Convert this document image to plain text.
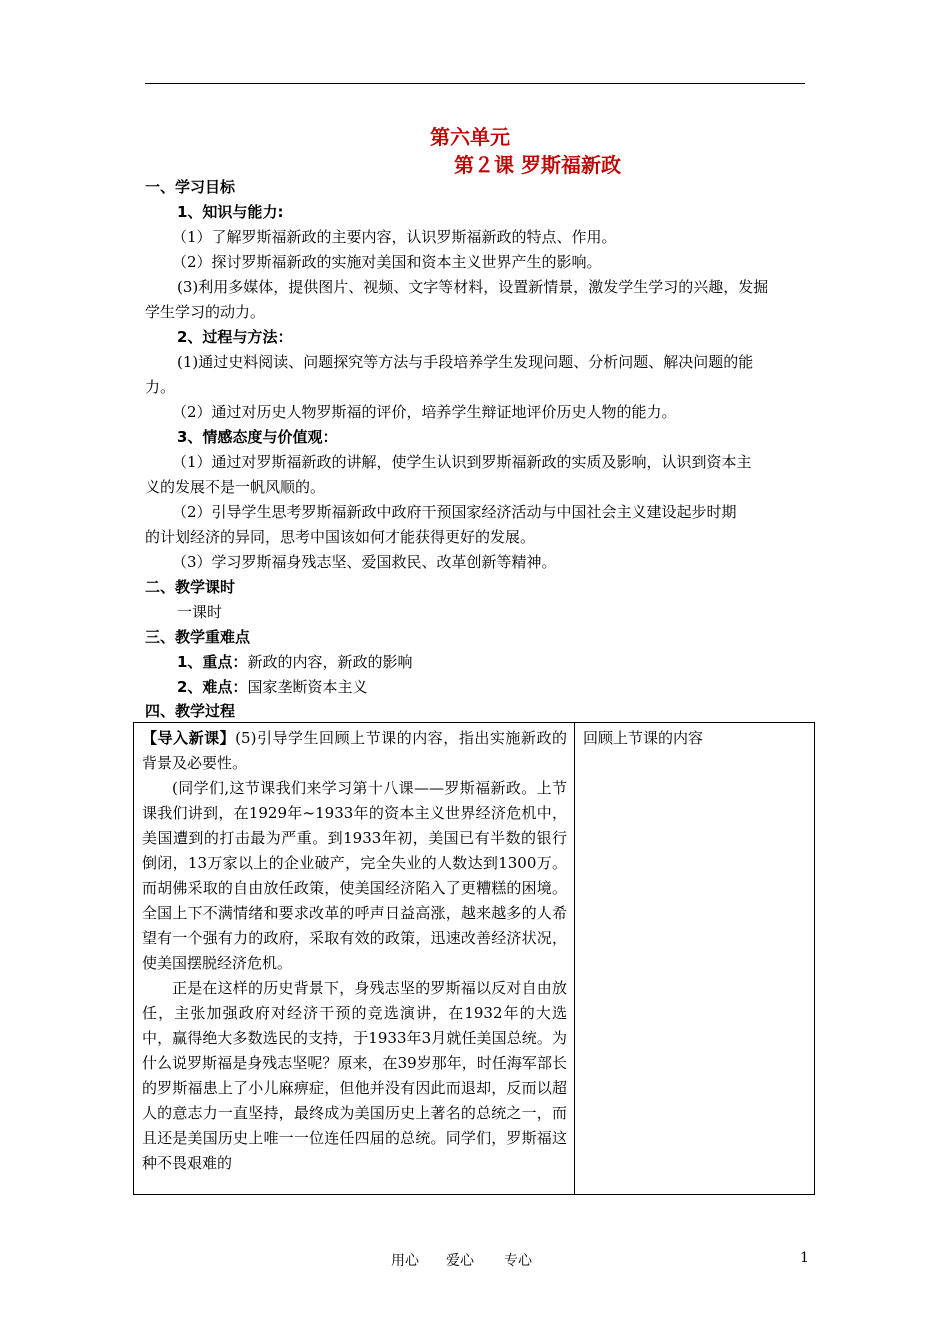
第六单元
第２课 罗斯福新政
一、学习目标
1、知识与能力:
（1）了解罗斯福新政的主要内容，认识罗斯福新政的特点、作用。
（2）探讨罗斯福新政的实施对美国和资本主义世界产生的影响。
(3)利用多媒体，提供图片、视频、文字等材料，设置新情景，激发学生学习的兴趣，发掘
学生学习的动力。
2、过程与方法：
(1)通过史料阅读、问题探究等方法与手段培养学生发现问题、分析问题、解决问题的能
力。
（2）通过对历史人物罗斯福的评价，培养学生辩证地评价历史人物的能力。
3、情感态度与价值观：
（1）通过对罗斯福新政的讲解，使学生认识到罗斯福新政的实质及影响，认识到资本主
义的发展不是一帆风顺的。
（2）引导学生思考罗斯福新政中政府干预国家经济活动与中国社会主义建设起步时期
的计划经济的异同，思考中国该如何才能获得更好的发展。
（3）学习罗斯福身残志坚、爱国救民、改革创新等精神。
二、教学课时
一课时
三、教学重难点
1、重点：新政的内容，新政的影响
2、难点：国家垄断资本主义
四、教学过程

【导入新课】(5)引导学生回顾上节课的内容，指出实施新政的背景及必要性。

(同学们,这节课我们来学习第十八课——罗斯福新政。上节课我们讲到，在1929年~1933年的资本主义世界经济危机中，美国遭到的打击最为严重。到1933年初，美国已有半数的银行倒闭，13万家以上的企业破产，完全失业的人数达到1300万。而胡佛采取的自由放任政策，使美国经济陷入了更糟糕的困境。全国上下不满情绪和要求改革的呼声日益高涨，越来越多的人希望有一个强有力的政府，采取有效的政策，迅速改善经济状况，使美国摆脱经济危机。

正是在这样的历史背景下，身残志坚的罗斯福以反对自由放任，主张加强政府对经济干预的竞选演讲，在1932年的大选中，赢得绝大多数选民的支持，于1933年3月就任美国总统。为什么说罗斯福是身残志坚呢？原来，在39岁那年，时任海军部长的罗斯福患上了小儿麻痹症，但他并没有因此而退却，反而以超人的意志力一直坚持，最终成为美国历史上著名的总统之一，而且还是美国历史上唯一一位连任四届的总统。同学们，罗斯福这种不畏艰难的

回顾上节课的内容
用心 爱心 专心	1
